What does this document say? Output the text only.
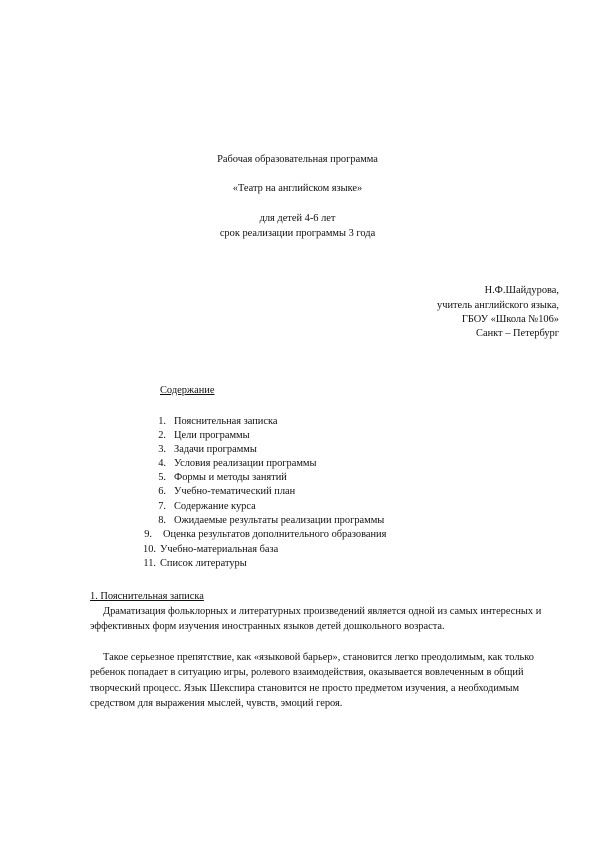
Рабочая образовательная программа
«Театр на английском языке»
для детей 4-6 лет
срок реализации программы 3 года
Н.Ф.Шайдурова,
учитель английского языка,
ГБОУ «Школа №106»
Санкт – Петербург
Содержание
1. Пояснительная записка
2. Цели программы
3. Задачи программы
4. Условия реализации программы
5. Формы и методы занятий
6. Учебно-тематический план
7. Содержание курса
8. Ожидаемые результаты реализации программы
9. Оценка результатов дополнительного образования
10. Учебно-материальная база
11. Список литературы
1. Пояснительная записка

Драматизация фольклорных и литературных произведений является одной из самых интересных и эффективных форм изучения иностранных языков детей дошкольного возраста.

Такое серьезное препятствие, как «языковой барьер», становится легко преодолимым, как только ребенок попадает в ситуацию игры, ролевого взаимодействия, оказывается вовлеченным в общий творческий процесс. Язык Шекспира становится не просто предметом изучения, а необходимым средством для выражения мыслей, чувств, эмоций героя.
